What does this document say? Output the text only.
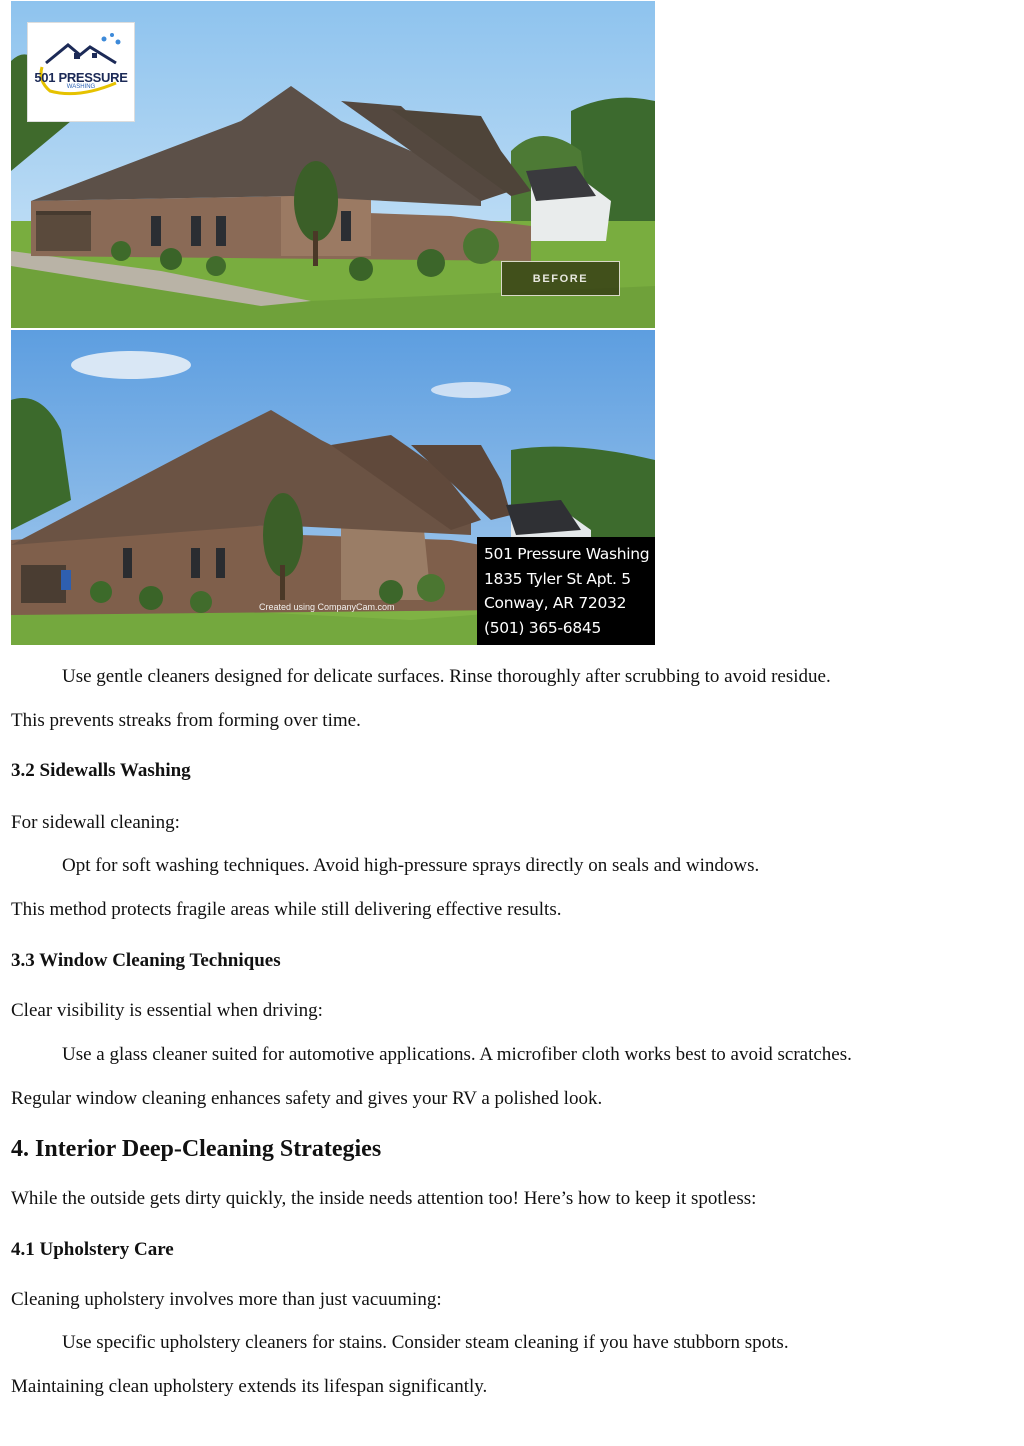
501 PRESSURE
WASHING
BEFORE
Created using CompanyCam.com
501 Pressure Washing
1835 Tyler St Apt. 5
Conway, AR 72032
(501) 365-6845
Use gentle cleaners designed for delicate surfaces. Rinse thoroughly after scrubbing to avoid residue.
This prevents streaks from forming over time.
3.2 Sidewalls Washing
For sidewall cleaning:
Opt for soft washing techniques. Avoid high-pressure sprays directly on seals and windows.
This method protects fragile areas while still delivering effective results.
3.3 Window Cleaning Techniques
Clear visibility is essential when driving:
Use a glass cleaner suited for automotive applications. A microfiber cloth works best to avoid scratches.
Regular window cleaning enhances safety and gives your RV a polished look.
4. Interior Deep-Cleaning Strategies
While the outside gets dirty quickly, the inside needs attention too! Here’s how to keep it spotless:
4.1 Upholstery Care
Cleaning upholstery involves more than just vacuuming:
Use specific upholstery cleaners for stains. Consider steam cleaning if you have stubborn spots.
Maintaining clean upholstery extends its lifespan significantly.
